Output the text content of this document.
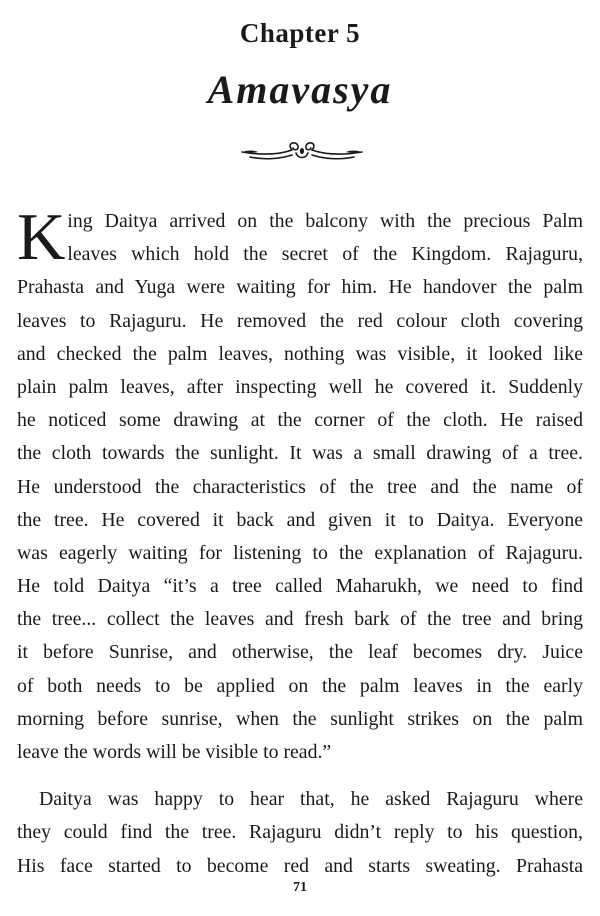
Chapter 5
Amavasya
K ing Daitya arrived on the balcony with the precious Palm
leaves which hold the secret of the Kingdom. Rajaguru,
Prahasta and Yuga were waiting for him. He handover the palm
leaves to Rajaguru. He removed the red colour cloth covering
and checked the palm leaves, nothing was visible, it looked like
plain palm leaves, after inspecting well he covered it. Suddenly
he noticed some drawing at the corner of the cloth. He raised
the cloth towards the sunlight. It was a small drawing of a tree.
He understood the characteristics of the tree and the name of
the tree. He covered it back and given it to Daitya. Everyone
was eagerly waiting for listening to the explanation of Rajaguru.
He told Daitya “it’s a tree called Maharukh, we need to find
the tree... collect the leaves and fresh bark of the tree and bring
it before Sunrise, and otherwise, the leaf becomes dry. Juice
of both needs to be applied on the palm leaves in the early
morning before sunrise, when the sunlight strikes on the palm
leave the words will be visible to read.”
Daitya was happy to hear that, he asked Rajaguru where
they could find the tree. Rajaguru didn’t reply to his question,
His face started to become red and starts sweating. Prahasta
71
